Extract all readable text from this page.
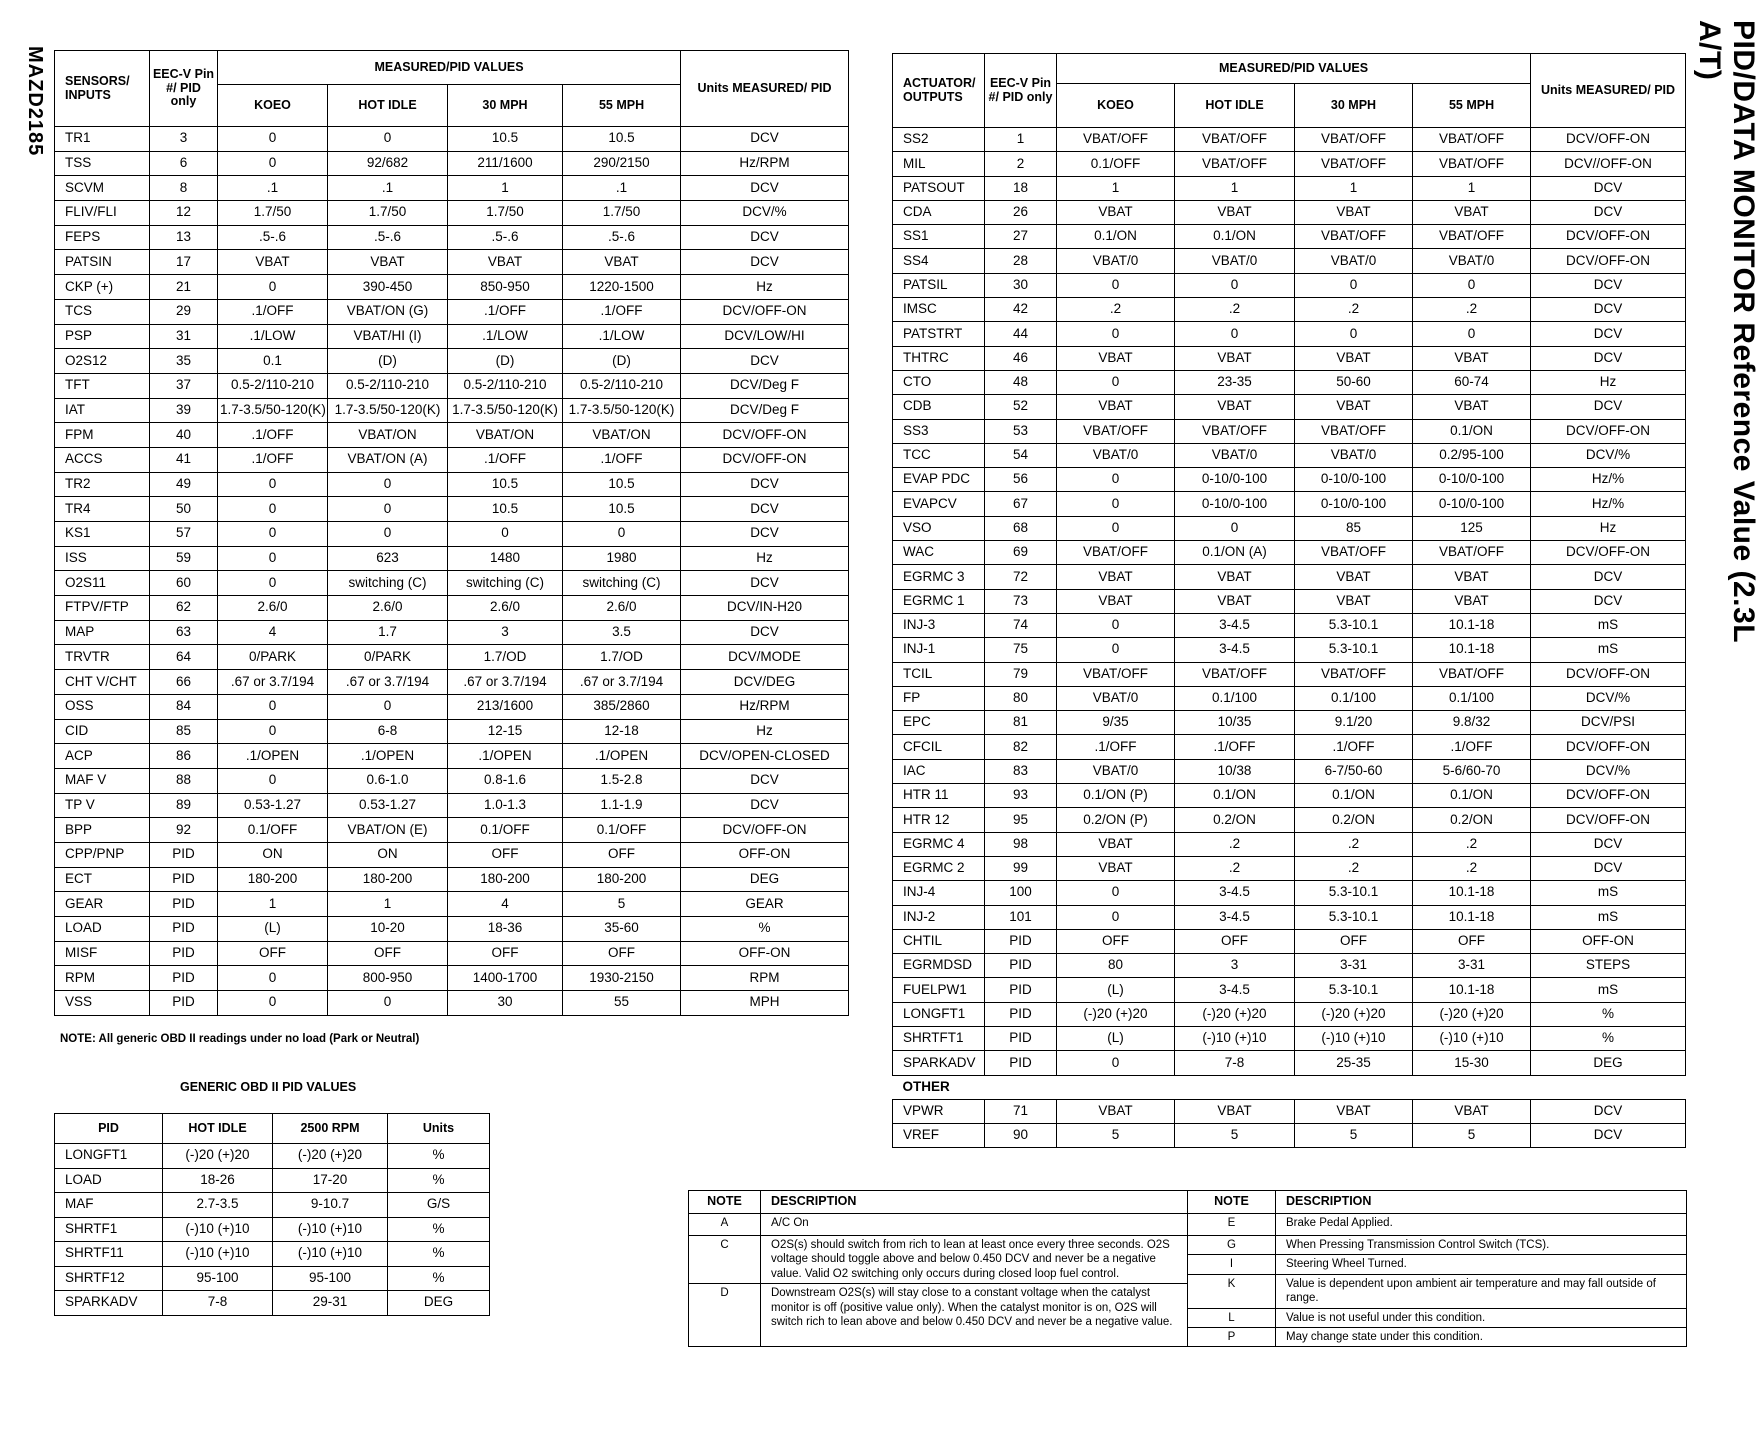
MAZD2185	PID/DATA MONITOR Reference Value (2.3L A/T)
SENSORS/ INPUTS	EEC-V Pin #/ PID only	MEASURED/PID VALUES				Units MEASURED/ PID
		KOEO	HOT IDLE	30 MPH	55 MPH	
TR1	3	0	0	10.5	10.5	DCV
TSS	6	0	92/682	211/1600	290/2150	Hz/RPM
SCVM	8	.1	.1	1	.1	DCV
FLIV/FLI	12	1.7/50	1.7/50	1.7/50	1.7/50	DCV/%
FEPS	13	.5-.6	.5-.6	.5-.6	.5-.6	DCV
PATSIN	17	VBAT	VBAT	VBAT	VBAT	DCV
CKP (+)	21	0	390-450	850-950	1220-1500	Hz
TCS	29	.1/OFF	VBAT/ON (G)	.1/OFF	.1/OFF	DCV/OFF-ON
PSP	31	.1/LOW	VBAT/HI (I)	.1/LOW	.1/LOW	DCV/LOW/HI
O2S12	35	0.1	(D)	(D)	(D)	DCV
TFT	37	0.5-2/110-210	0.5-2/110-210	0.5-2/110-210	0.5-2/110-210	DCV/Deg F
IAT	39	1.7-3.5/50-120(K)	1.7-3.5/50-120(K)	1.7-3.5/50-120(K)	1.7-3.5/50-120(K)	DCV/Deg F
FPM	40	.1/OFF	VBAT/ON	VBAT/ON	VBAT/ON	DCV/OFF-ON
ACCS	41	.1/OFF	VBAT/ON (A)	.1/OFF	.1/OFF	DCV/OFF-ON
TR2	49	0	0	10.5	10.5	DCV
TR4	50	0	0	10.5	10.5	DCV
KS1	57	0	0	0	0	DCV
ISS	59	0	623	1480	1980	Hz
O2S11	60	0	switching (C)	switching (C)	switching (C)	DCV
FTPV/FTP	62	2.6/0	2.6/0	2.6/0	2.6/0	DCV/IN-H20
MAP	63	4	1.7	3	3.5	DCV
TRVTR	64	0/PARK	0/PARK	1.7/OD	1.7/OD	DCV/MODE
CHT V/CHT	66	.67 or 3.7/194	.67 or 3.7/194	.67 or 3.7/194	.67 or 3.7/194	DCV/DEG
OSS	84	0	0	213/1600	385/2860	Hz/RPM
CID	85	0	6-8	12-15	12-18	Hz
ACP	86	.1/OPEN	.1/OPEN	.1/OPEN	.1/OPEN	DCV/OPEN-CLOSED
MAF V	88	0	0.6-1.0	0.8-1.6	1.5-2.8	DCV
TP V	89	0.53-1.27	0.53-1.27	1.0-1.3	1.1-1.9	DCV
BPP	92	0.1/OFF	VBAT/ON (E)	0.1/OFF	0.1/OFF	DCV/OFF-ON
CPP/PNP	PID	ON	ON	OFF	OFF	OFF-ON
ECT	PID	180-200	180-200	180-200	180-200	DEG
GEAR	PID	1	1	4	5	GEAR
LOAD	PID	(L)	10-20	18-36	35-60	%
MISF	PID	OFF	OFF	OFF	OFF	OFF-ON
RPM	PID	0	800-950	1400-1700	1930-2150	RPM
VSS	PID	0	0	30	55	MPH
NOTE: All generic OBD II readings under no load (Park or Neutral)
GENERIC OBD II PID VALUES
PID	HOT IDLE	2500 RPM	Units
LONGFT1	(-)20 (+)20	(-)20 (+)20	%
LOAD	18-26	17-20	%
MAF	2.7-3.5	9-10.7	G/S
SHRTF1	(-)10 (+)10	(-)10 (+)10	%
SHRTF11	(-)10 (+)10	(-)10 (+)10	%
SHRTF12	95-100	95-100	%
SPARKADV	7-8	29-31	DEG
ACTUATOR/ OUTPUTS	EEC-V Pin #/ PID only	MEASURED/PID VALUES				Units MEASURED/ PID
		KOEO	HOT IDLE	30 MPH	55 MPH	
SS2	1	VBAT/OFF	VBAT/OFF	VBAT/OFF	VBAT/OFF	DCV/OFF-ON
MIL	2	0.1/OFF	VBAT/OFF	VBAT/OFF	VBAT/OFF	DCV//OFF-ON
PATSOUT	18	1	1	1	1	DCV
CDA	26	VBAT	VBAT	VBAT	VBAT	DCV
SS1	27	0.1/ON	0.1/ON	VBAT/OFF	VBAT/OFF	DCV/OFF-ON
SS4	28	VBAT/0	VBAT/0	VBAT/0	VBAT/0	DCV/OFF-ON
PATSIL	30	0	0	0	0	DCV
IMSC	42	.2	.2	.2	.2	DCV
PATSTRT	44	0	0	0	0	DCV
THTRC	46	VBAT	VBAT	VBAT	VBAT	DCV
CTO	48	0	23-35	50-60	60-74	Hz
CDB	52	VBAT	VBAT	VBAT	VBAT	DCV
SS3	53	VBAT/OFF	VBAT/OFF	VBAT/OFF	0.1/ON	DCV/OFF-ON
TCC	54	VBAT/0	VBAT/0	VBAT/0	0.2/95-100	DCV/%
EVAP PDC	56	0	0-10/0-100	0-10/0-100	0-10/0-100	Hz/%
EVAPCV	67	0	0-10/0-100	0-10/0-100	0-10/0-100	Hz/%
VSO	68	0	0	85	125	Hz
WAC	69	VBAT/OFF	0.1/ON (A)	VBAT/OFF	VBAT/OFF	DCV/OFF-ON
EGRMC 3	72	VBAT	VBAT	VBAT	VBAT	DCV
EGRMC 1	73	VBAT	VBAT	VBAT	VBAT	DCV
INJ-3	74	0	3-4.5	5.3-10.1	10.1-18	mS
INJ-1	75	0	3-4.5	5.3-10.1	10.1-18	mS
TCIL	79	VBAT/OFF	VBAT/OFF	VBAT/OFF	VBAT/OFF	DCV/OFF-ON
FP	80	VBAT/0	0.1/100	0.1/100	0.1/100	DCV/%
EPC	81	9/35	10/35	9.1/20	9.8/32	DCV/PSI
CFCIL	82	.1/OFF	.1/OFF	.1/OFF	.1/OFF	DCV/OFF-ON
IAC	83	VBAT/0	10/38	6-7/50-60	5-6/60-70	DCV/%
HTR 11	93	0.1/ON (P)	0.1/ON	0.1/ON	0.1/ON	DCV/OFF-ON
HTR 12	95	0.2/ON (P)	0.2/ON	0.2/ON	0.2/ON	DCV/OFF-ON
EGRMC 4	98	VBAT	.2	.2	.2	DCV
EGRMC 2	99	VBAT	.2	.2	.2	DCV
INJ-4	100	0	3-4.5	5.3-10.1	10.1-18	mS
INJ-2	101	0	3-4.5	5.3-10.1	10.1-18	mS
CHTIL	PID	OFF	OFF	OFF	OFF	OFF-ON
EGRMDSD	PID	80	3	3-31	3-31	STEPS
FUELPW1	PID	(L)	3-4.5	5.3-10.1	10.1-18	mS
LONGFT1	PID	(-)20 (+)20	(-)20 (+)20	(-)20 (+)20	(-)20 (+)20	%
SHRTFT1	PID	(L)	(-)10 (+)10	(-)10 (+)10	(-)10 (+)10	%
SPARKADV	PID	0	7-8	25-35	15-30	DEG
OTHER						
VPWR	71	VBAT	VBAT	VBAT	VBAT	DCV
VREF	90	5	5	5	5	DCV
NOTE	DESCRIPTION	NOTE	DESCRIPTION
A	A/C On	E	Brake Pedal Applied.
C	O2S(s) should switch from rich to lean at least once every three seconds. O2S voltage should toggle above and below 0.450 DCV and never be a negative value. Valid O2 switching only occurs during closed loop fuel control.	G	When Pressing Transmission Control Switch (TCS).
		I	Steering Wheel Turned.
		K	Value is dependent upon ambient air temperature and may fall outside of range.
D	Downstream O2S(s) will stay close to a constant voltage when the catalyst monitor is off (positive value only). When the catalyst monitor is on, O2S will switch rich to lean above and below 0.450 DCV and never be a negative value.		
		L	Value is not useful under this condition.
		P	May change state under this condition.
